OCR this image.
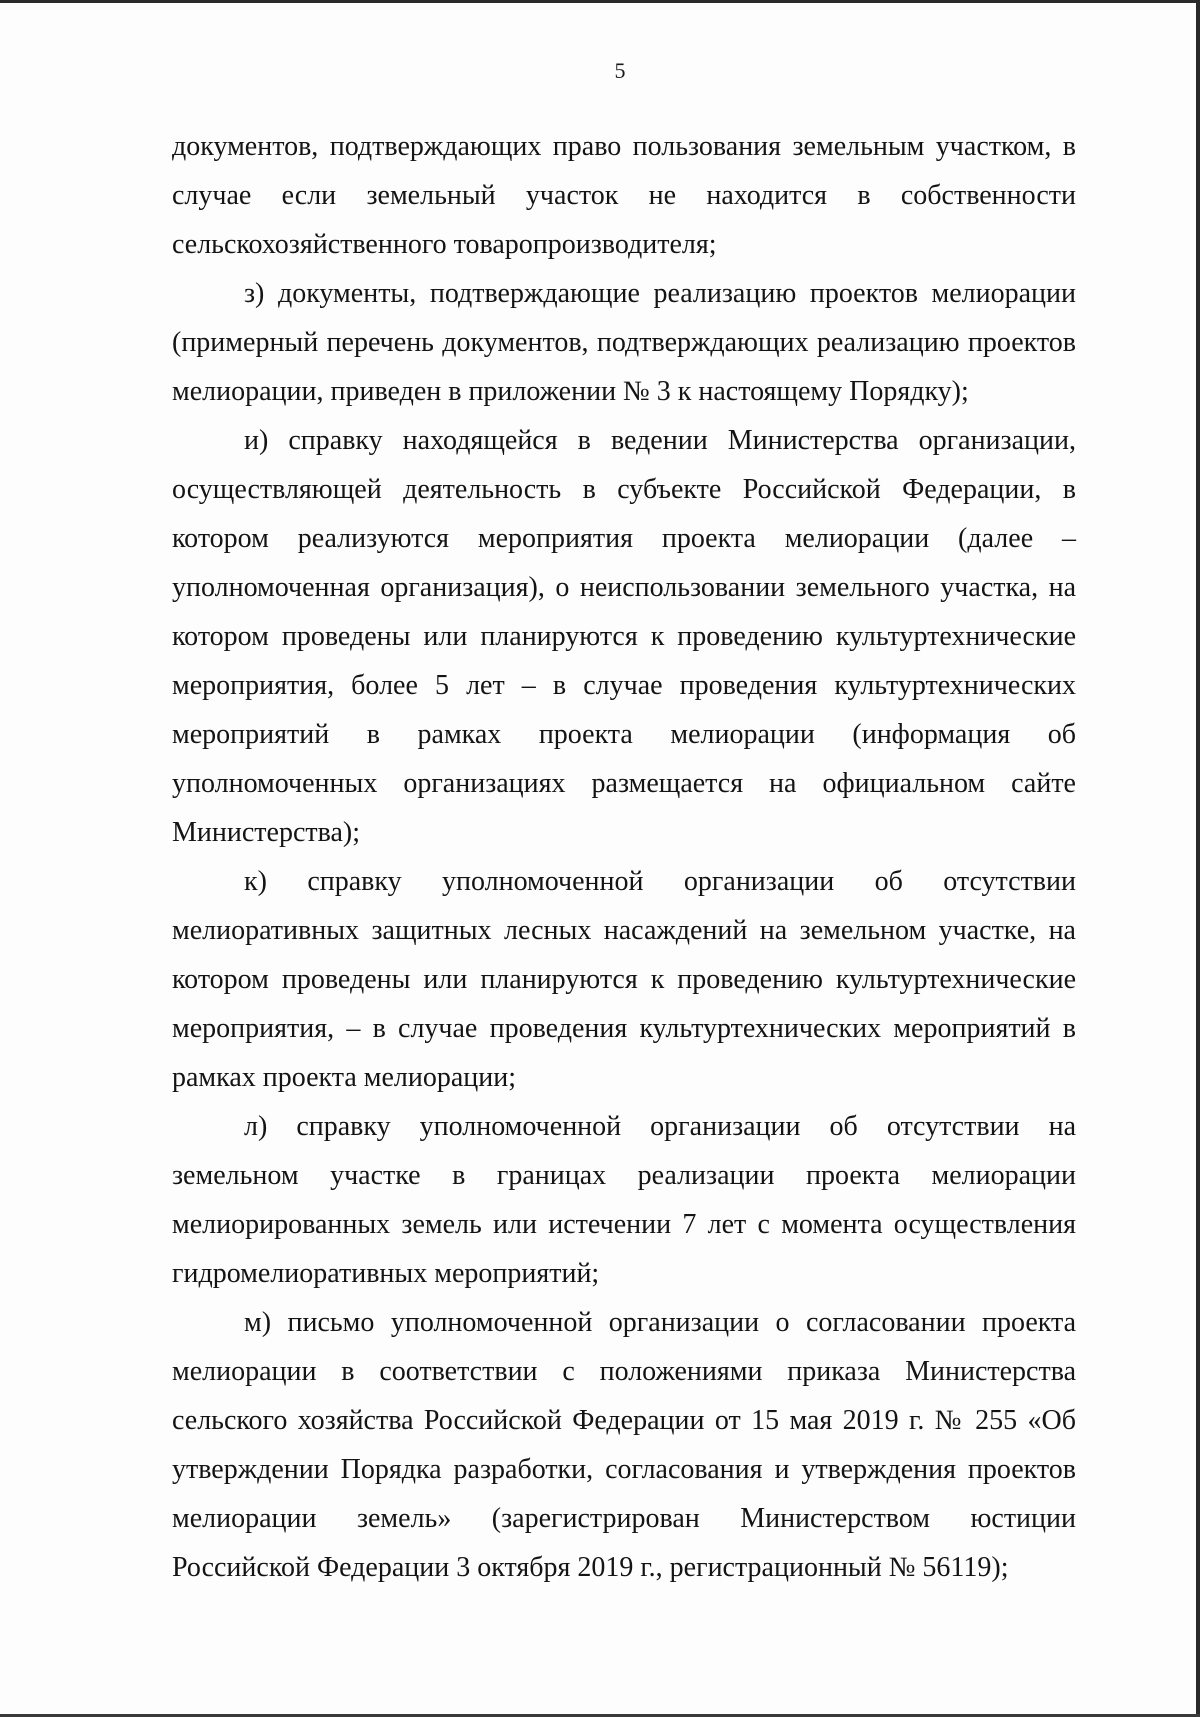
5

документов, подтверждающих право пользования земельным участком, в случае если земельный участок не находится в собственности сельскохозяйственного товаропроизводителя;

з) документы, подтверждающие реализацию проектов мелиорации (примерный перечень документов, подтверждающих реализацию проектов мелиорации, приведен в приложении № 3 к настоящему Порядку);

и) справку находящейся в ведении Министерства организации, осуществляющей деятельность в субъекте Российской Федерации, в котором реализуются мероприятия проекта мелиорации (далее – уполномоченная организация), о неиспользовании земельного участка, на котором проведены или планируются к проведению культуртехнические мероприятия, более 5 лет – в случае проведения культуртехнических мероприятий в рамках проекта мелиорации (информация об уполномоченных организациях размещается на официальном сайте Министерства);

к) справку уполномоченной организации об отсутствии мелиоративных защитных лесных насаждений на земельном участке, на котором проведены или планируются к проведению культуртехнические мероприятия, – в случае проведения культуртехнических мероприятий в рамках проекта мелиорации;

л) справку уполномоченной организации об отсутствии на земельном участке в границах реализации проекта мелиорации мелиорированных земель или истечении 7 лет с момента осуществления гидромелиоративных мероприятий;

м) письмо уполномоченной организации о согласовании проекта мелиорации в соответствии с положениями приказа Министерства сельского хозяйства Российской Федерации от 15 мая 2019 г. № 255 «Об утверждении Порядка разработки, согласования и утверждения проектов мелиорации земель» (зарегистрирован Министерством юстиции Российской Федерации 3 октября 2019 г., регистрационный № 56119);
